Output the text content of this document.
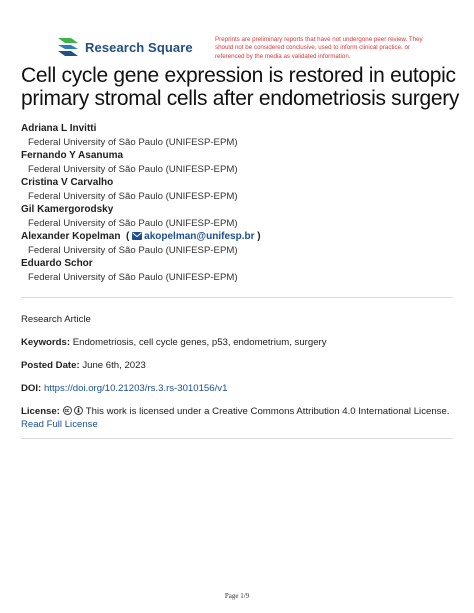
Research Square	Preprints are preliminary reports that have not undergone peer review. They should not be considered conclusive, used to inform clinical practice, or referenced by the media as validated information.
Cell cycle gene expression is restored in eutopic primary stromal cells after endometriosis surgery
Adriana L Invitti
Federal University of São Paulo (UNIFESP-EPM)
Fernando Y Asanuma
Federal University of São Paulo (UNIFESP-EPM)
Cristina V Carvalho
Federal University of São Paulo (UNIFESP-EPM)
Gil Kamergorodsky
Federal University of São Paulo (UNIFESP-EPM)
Alexander Kopelman  ( akopelman@unifesp.br )
Federal University of São Paulo (UNIFESP-EPM)
Eduardo Schor
Federal University of São Paulo (UNIFESP-EPM)
Research Article
Keywords: Endometriosis, cell cycle genes, p53, endometrium, surgery
Posted Date: June 6th, 2023
DOI: https://doi.org/10.21203/rs.3.rs-3010156/v1
License:	This work is licensed under a Creative Commons Attribution 4.0 International License.
Read Full License
Page 1/9
